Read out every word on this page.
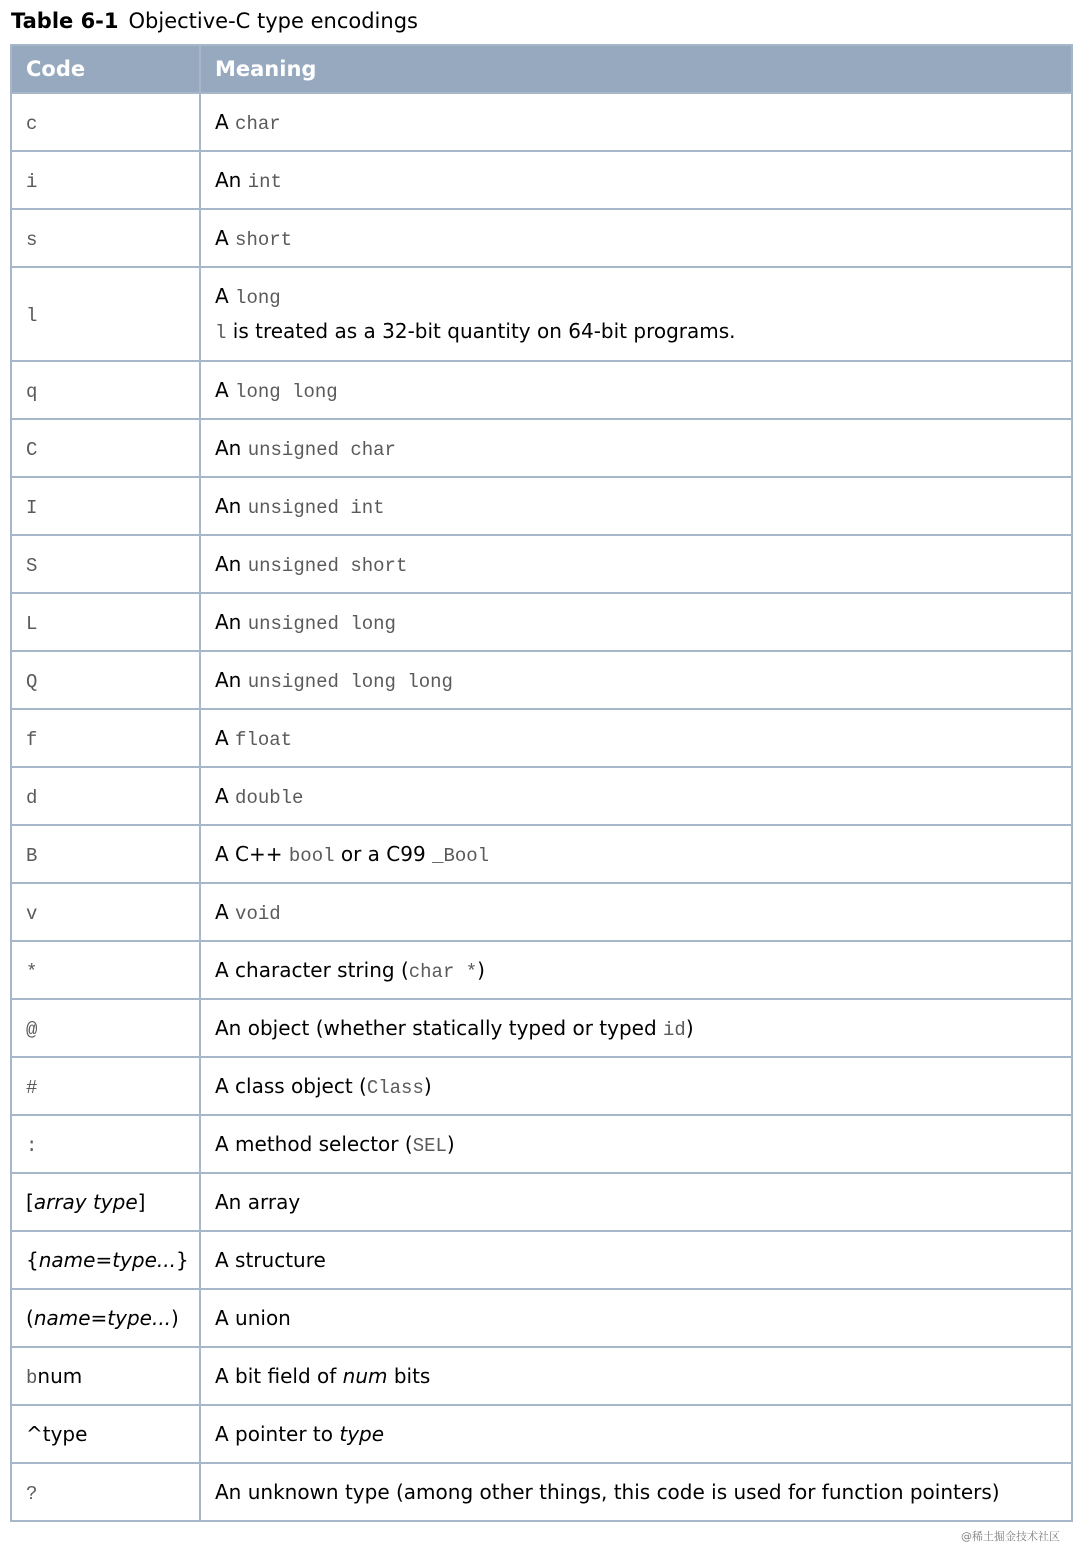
Table 6-1 Objective-C type encodings
Code	Meaning
c	A char

i	An int

s	A short

l	A long
l is treated as a 32-bit quantity on 64-bit programs.

q	A long long

C	An unsigned char

I	An unsigned int

S	An unsigned short

L	An unsigned long

Q	An unsigned long long

f	A float

d	A double

B	A C++ bool or a C99 _Bool

v	A void

*	A character string (char *)

@	An object (whether statically typed or typed id)

#	A class object (Class)

:	A method selector (SEL)

[array type]	An array

{name=type...}	A structure

(name=type...)	A union

bnum	A bit field of num bits

^type	A pointer to type

?	An unknown type (among other things, this code is used for function pointers)
@稀土掘金技术社区
